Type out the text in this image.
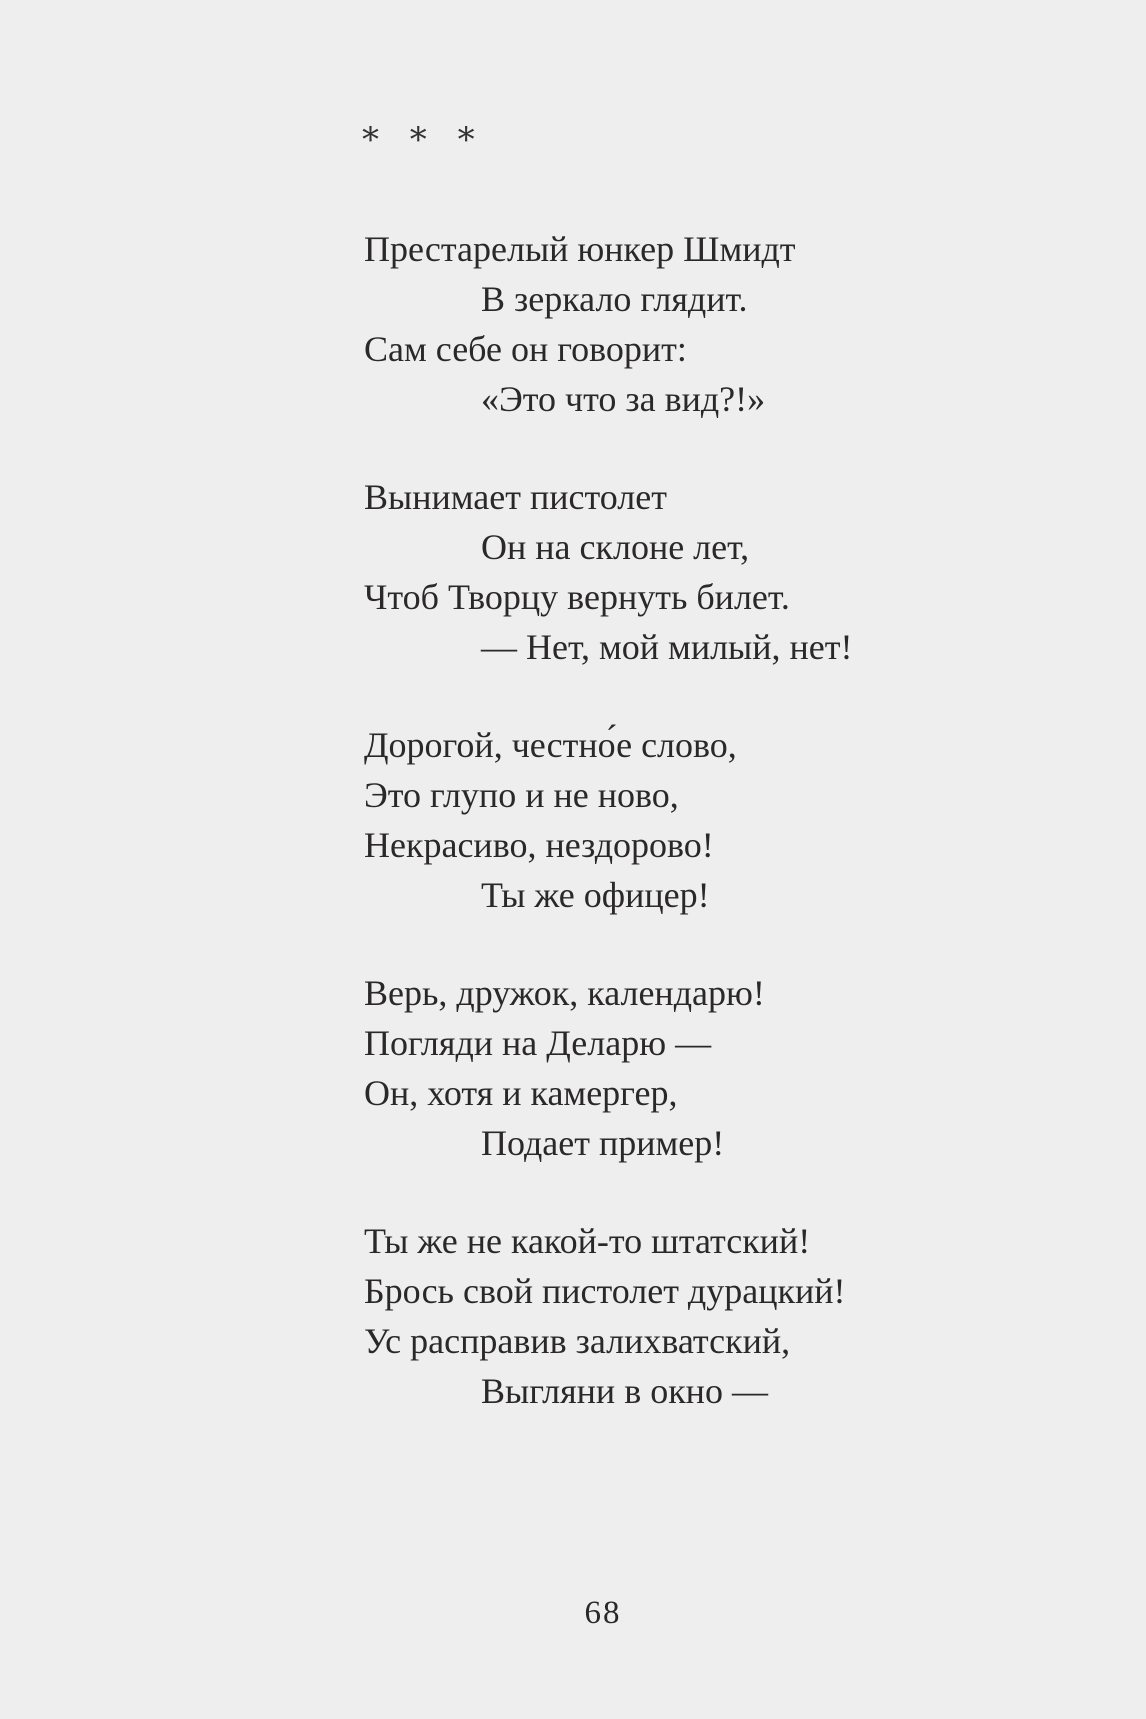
* * *
Престарелый юнкер Шмидт
В зеркало глядит.
Сам себе он говорит:
«Это что за вид?!»
Вынимает пистолет
Он на склоне лет,
Чтоб Творцу вернуть билет.
— Нет, мой милый, нет!
Дорогой, честно́е слово,
Это глупо и не ново,
Некрасиво, нездорово!
Ты же офицер!
Верь, дружок, календарю!
Погляди на Деларю —
Он, хотя и камергер,
Подает пример!
Ты же не какой-то штатский!
Брось свой пистолет дурацкий!
Ус расправив залихватский,
Выгляни в окно —
68
